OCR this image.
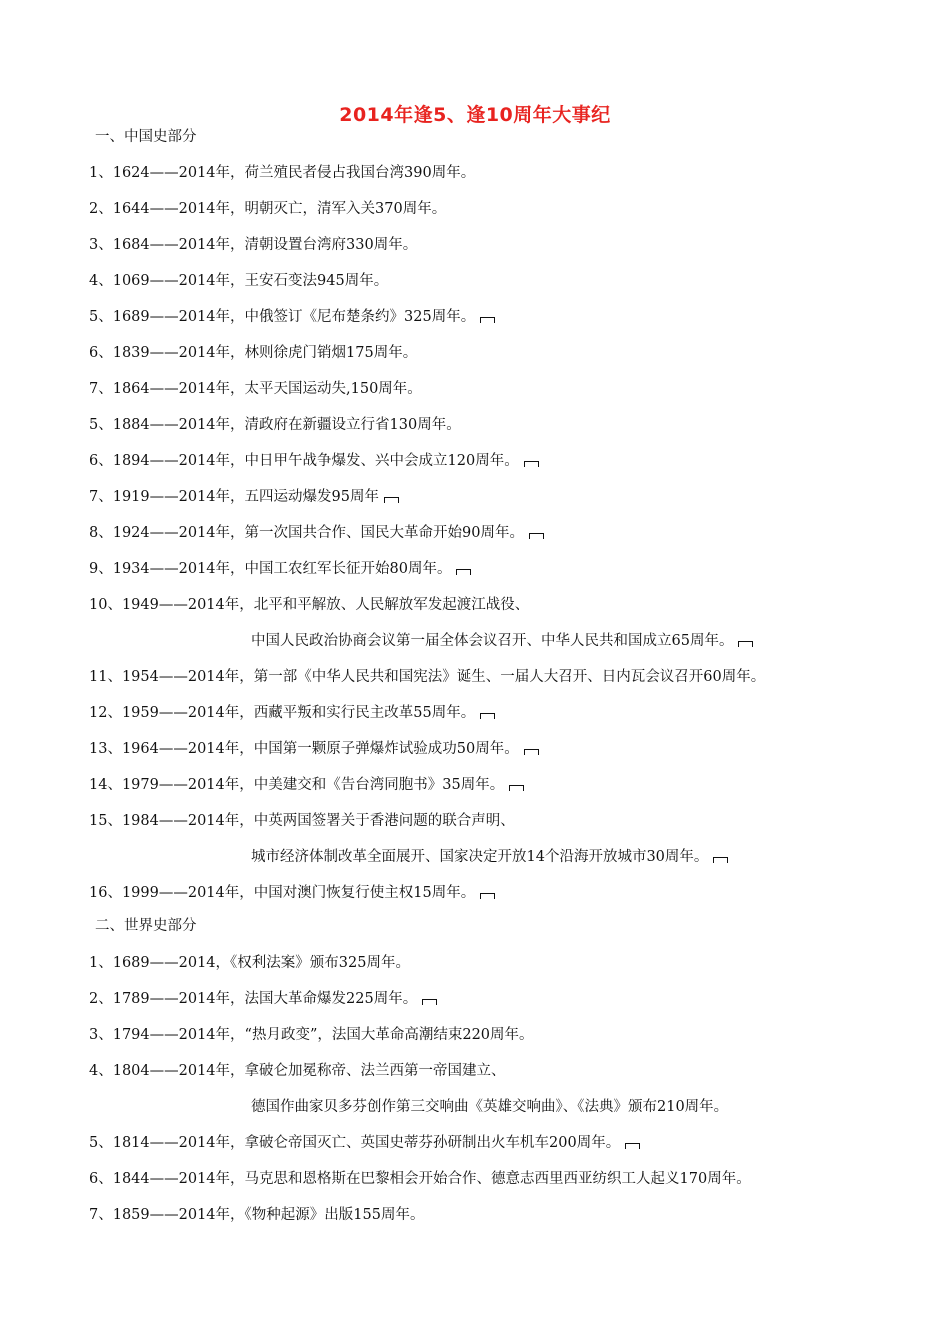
2014年逢5、逢10周年大事纪
一、中国史部分
1、1624——2014年，荷兰殖民者侵占我国台湾390周年。
2、1644——2014年，明朝灭亡，清军入关370周年。
3、1684——2014年，清朝设置台湾府330周年。
4、1069——2014年，王安石变法945周年。
5、1689——2014年，中俄签订《尼布楚条约》325周年。
6、1839——2014年，林则徐虎门销烟175周年。
7、1864——2014年，太平天国运动失,150周年。
5、1884——2014年，清政府在新疆设立行省130周年。
6、1894——2014年，中日甲午战争爆发、兴中会成立120周年。
7、1919——2014年，五四运动爆发95周年
8、1924——2014年，第一次国共合作、国民大革命开始90周年。
9、1934——2014年，中国工农红军长征开始80周年。
10、1949——2014年，北平和平解放、人民解放军发起渡江战役、
中国人民政治协商会议第一届全体会议召开、中华人民共和国成立65周年。
11、1954——2014年，第一部《中华人民共和国宪法》诞生、一届人大召开、日内瓦会议召开60周年。
12、1959——2014年，西藏平叛和实行民主改革55周年。
13、1964——2014年，中国第一颗原子弹爆炸试验成功50周年。
14、1979——2014年，中美建交和《告台湾同胞书》35周年。
15、1984——2014年，中英两国签署关于香港问题的联合声明、
城市经济体制改革全面展开、国家决定开放14个沿海开放城市30周年。
16、1999——2014年，中国对澳门恢复行使主权15周年。
二、世界史部分
1、1689——2014，《权利法案》颁布325周年。
2、1789——2014年，法国大革命爆发225周年。
3、1794——2014年，“热月政变”，法国大革命高潮结束220周年。
4、1804——2014年，拿破仑加冕称帝、法兰西第一帝国建立、
德国作曲家贝多芬创作第三交响曲《英雄交响曲》、《法典》颁布210周年。
5、1814——2014年，拿破仑帝国灭亡、英国史蒂芬孙研制出火车机车200周年。
6、1844——2014年，马克思和恩格斯在巴黎相会开始合作、德意志西里西亚纺织工人起义170周年。
7、1859——2014年，《物种起源》出版155周年。
